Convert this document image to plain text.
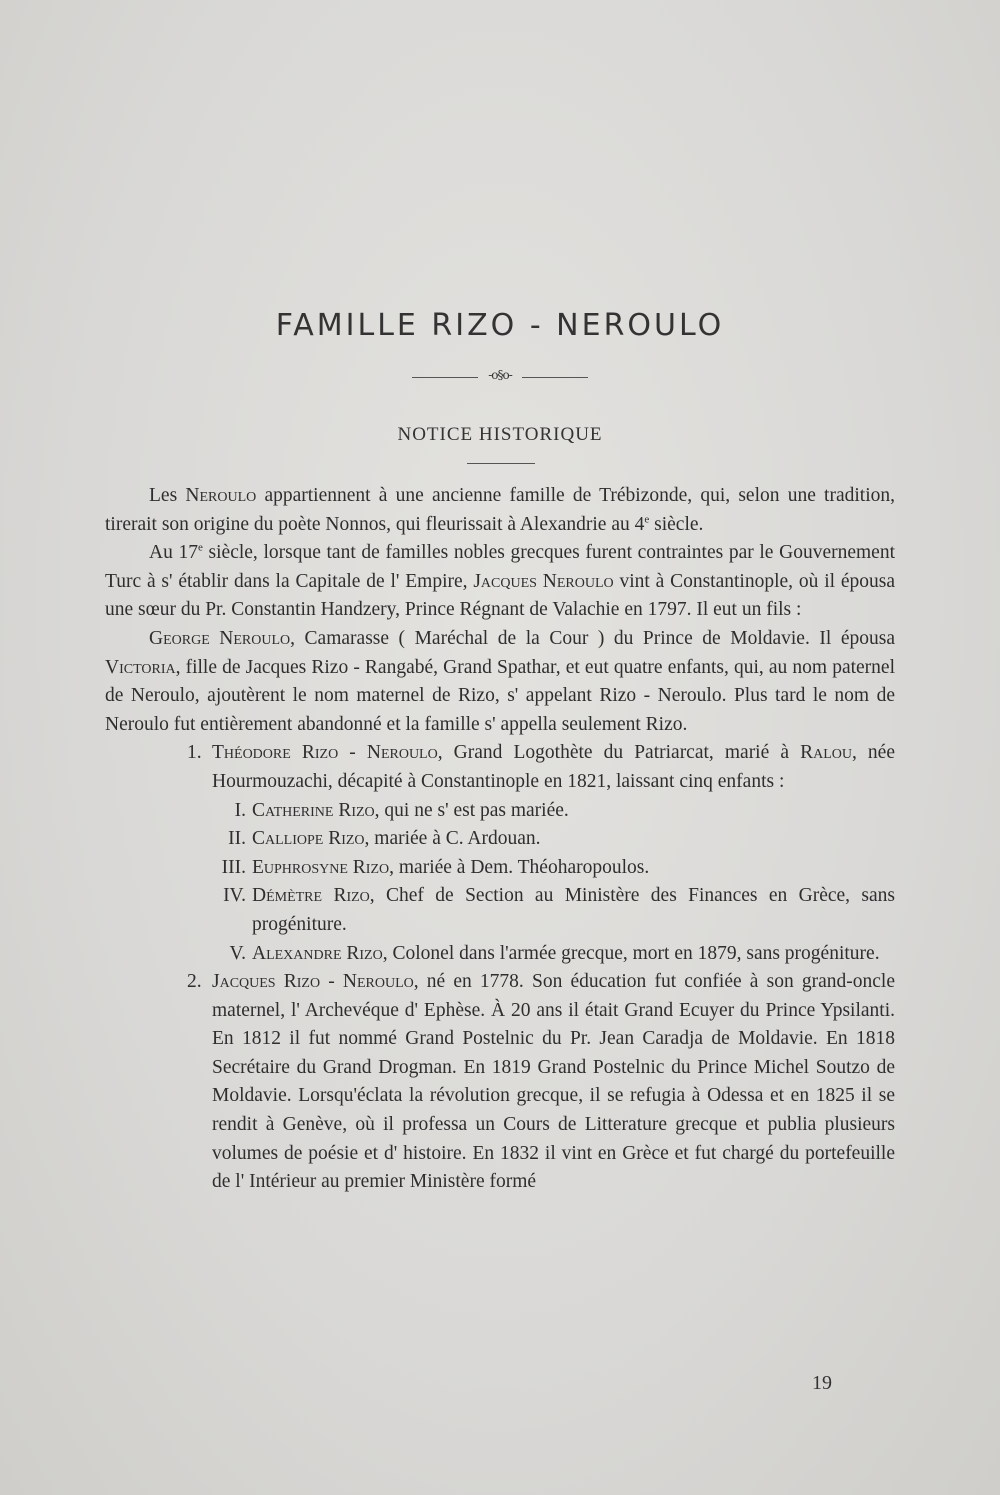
FAMILLE RIZO - NEROULO
-o§o-
NOTICE HISTORIQUE

Les Neroulo appartiennent à une ancienne famille de Trébizonde, qui, selon une tradition, tirerait son origine du poète Nonnos, qui fleurissait à Alexandrie au 4e siècle.

Au 17e siècle, lorsque tant de familles nobles grecques furent contraintes par le Gouvernement Turc à s' établir dans la Capitale de l' Empire, Jacques Neroulo vint à Constantinople, où il épousa une sœur du Pr. Constantin Handzery, Prince Régnant de Valachie en 1797. Il eut un fils :

George Neroulo, Camarasse ( Maréchal de la Cour ) du Prince de Moldavie. Il épousa Victoria, fille de Jacques Rizo - Rangabé, Grand Spathar, et eut quatre enfants, qui, au nom paternel de Neroulo, ajoutèrent le nom maternel de Rizo, s' appelant Rizo - Neroulo. Plus tard le nom de Neroulo fut entièrement abandonné et la famille s' appella seulement Rizo.

1. Théodore Rizo - Neroulo, Grand Logothète du Patriarcat, marié à Ralou, née Hourmouzachi, décapité à Constantinople en 1821, laissant cinq enfants :

I. Catherine Rizo, qui ne s' est pas mariée.

II. Calliope Rizo, mariée à C. Ardouan.

III. Euphrosyne Rizo, mariée à Dem. Théoharopoulos.

IV. Démètre Rizo, Chef de Section au Ministère des Finances en Grèce, sans progéniture.

V. Alexandre Rizo, Colonel dans l'armée grecque, mort en 1879, sans progéniture.

2. Jacques Rizo - Neroulo, né en 1778. Son éducation fut confiée à son grand-oncle maternel, l' Archevéque d' Ephèse. À 20 ans il était Grand Ecuyer du Prince Ypsilanti. En 1812 il fut nommé Grand Postelnic du Pr. Jean Caradja de Moldavie. En 1818 Secrétaire du Grand Drogman. En 1819 Grand Postelnic du Prince Michel Soutzo de Moldavie. Lorsqu'éclata la révolution grecque, il se refugia à Odessa et en 1825 il se rendit à Genève, où il professa un Cours de Litterature grecque et publia plusieurs volumes de poésie et d' histoire. En 1832 il vint en Grèce et fut chargé du portefeuille de l' Intérieur au premier Ministère formé

19
